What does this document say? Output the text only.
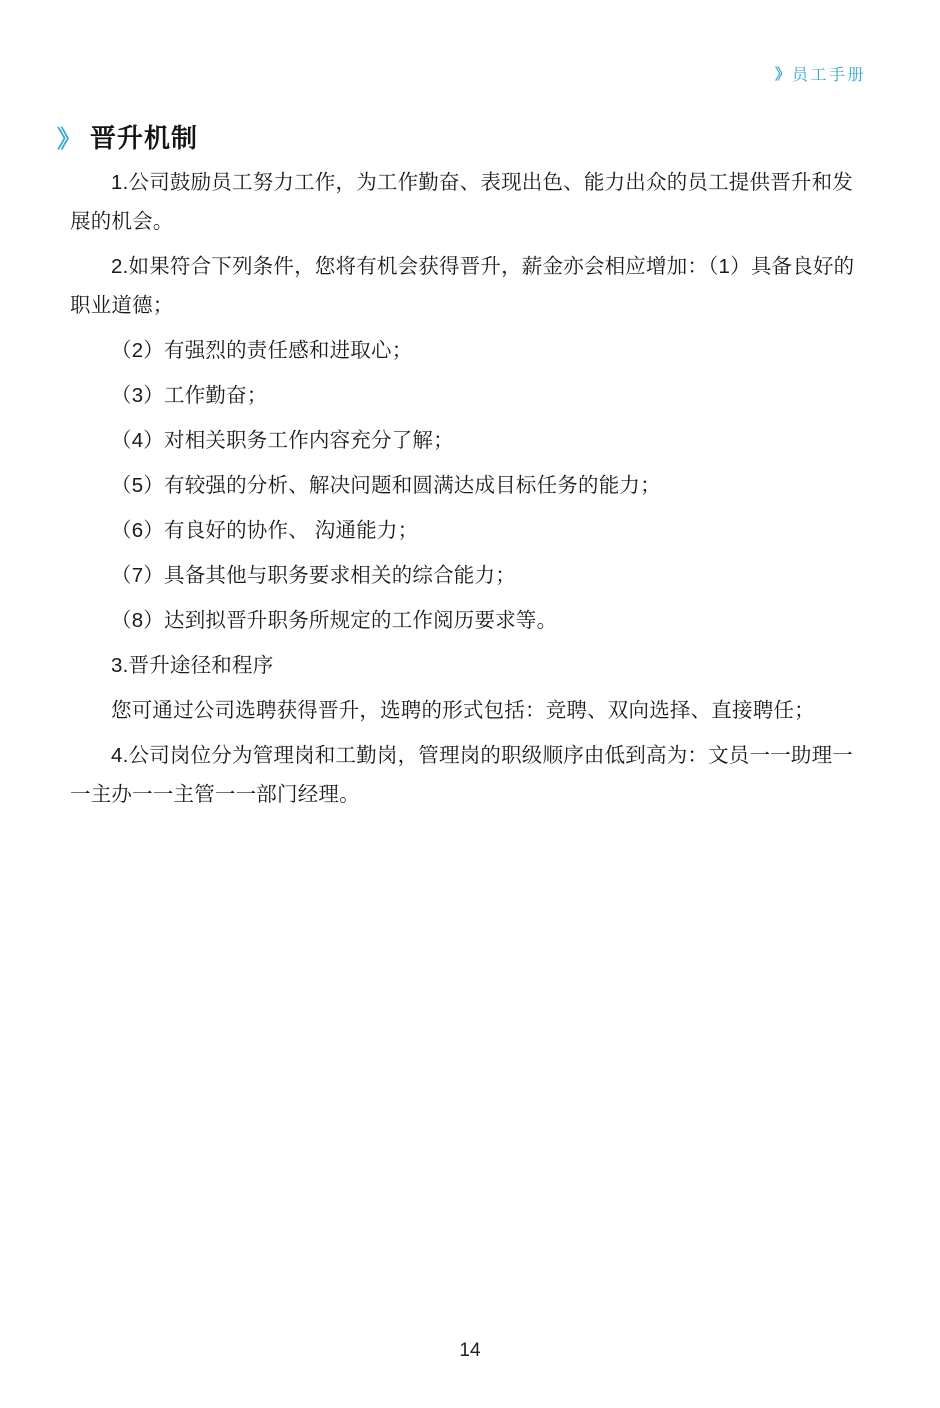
》 员工手册
》 晋升机制

1.公司鼓励员工努力工作，为工作勤奋、表现出色、能力出众的员工提供晋升和发展的机会。

2.如果符合下列条件，您将有机会获得晋升，薪金亦会相应增加：（1）具备良好的职业道德；

（2）有强烈的责任感和进取心；

（3）工作勤奋；

（4）对相关职务工作内容充分了解；

（5）有较强的分析、解决问题和圆满达成目标任务的能力；

（6）有良好的协作、 沟通能力；

（7）具备其他与职务要求相关的综合能力；

（8）达到拟晋升职务所规定的工作阅历要求等。

3.晋升途径和程序

您可通过公司选聘获得晋升，选聘的形式包括：竞聘、双向选择、直接聘任；

4.公司岗位分为管理岗和工勤岗，管理岗的职级顺序由低到高为：文员一一助理一一主办一一主管一一部门经理。

14
